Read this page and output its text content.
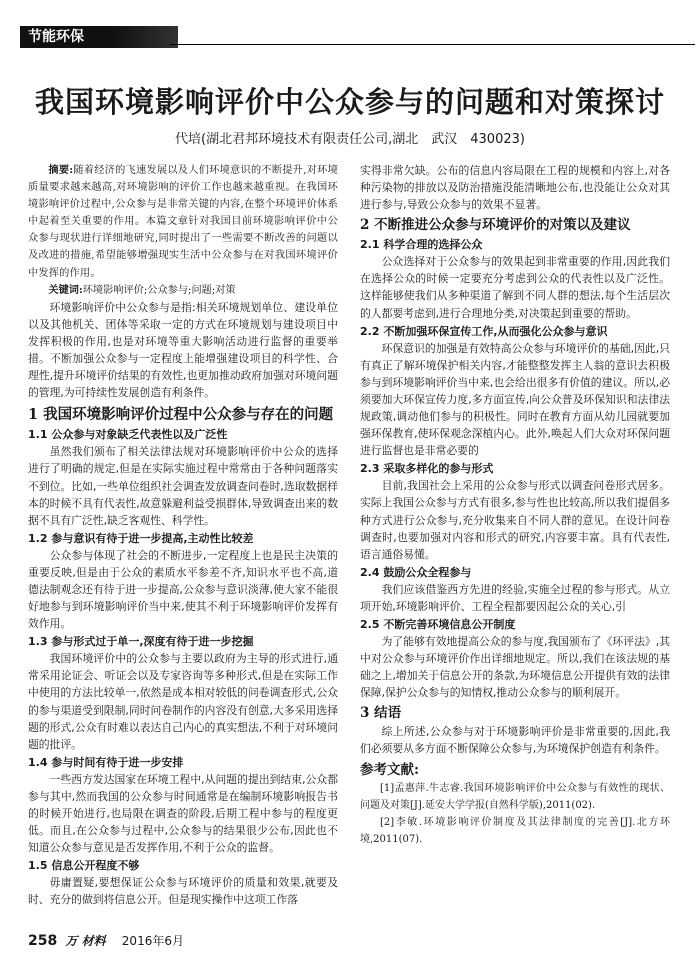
节能环保
我国环境影响评价中公众参与的问题和对策探讨
代培(湖北君邦环境技术有限责任公司,湖北　武汉　430023)

摘要:随着经济的飞速发展以及人们环境意识的不断提升,对环境质量要求越来越高,对环境影响的评价工作也越来越重视。在我国环境影响评价过程中,公众参与是非常关键的内容,在整个环境评价体系中起着至关重要的作用。本篇文章针对我国目前环境影响评价中公众参与现状进行详细地研究,同时提出了一些需要不断改善的问题以及改进的措施,希望能够增强现实生活中公众参与在对我国环境评价中发挥的作用。

关键词:环境影响评价;公众参与;问题;对策

环境影响评价中公众参与是指:相关环境规划单位、建设单位以及其他机关、团体等采取一定的方式在环境规划与建设项目中发挥积极的作用,也是对环境等重大影响活动进行监督的重要举措。不断加强公众参与一定程度上能增强建设项目的科学性、合理性,提升环境评价结果的有效性,也更加推动政府加强对环境问题的管理,为可持续性发展创造有利条件。

1 我国环境影响评价过程中公众参与存在的问题
1.1 公众参与对象缺乏代表性以及广泛性

虽然我们颁布了相关法律法规对环境影响评价中公众的选择进行了明确的规定,但是在实际实施过程中常常由于各种问题落实不到位。比如,一些单位组织社会调查发放调查问卷时,选取数据样本的时候不具有代表性,故意躲避利益受损群体,导致调查出来的数据不具有广泛性,缺乏客观性、科学性。

1.2 参与意识有待于进一步提高,主动性比较差

公众参与体现了社会的不断进步,一定程度上也是民主决策的重要反映,但是由于公众的素质水平参差不齐,知识水平也不高,道德法制观念还有待于进一步提高,公众参与意识淡薄,使大家不能很好地参与到环境影响评价当中来,使其不利于环境影响评价发挥有效作用。

1.3 参与形式过于单一,深度有待于进一步挖掘

我国环境评价中的公众参与主要以政府为主导的形式进行,通常采用论证会、听证会以及专家咨询等多种形式,但是在实际工作中使用的方法比较单一,依然是成本相对较低的问卷调查形式,公众的参与渠道受到限制,同时问卷制作的内容没有创意,大多采用选择题的形式,公众有时难以表达自己内心的真实想法,不利于对环境问题的批评。

1.4 参与时间有待于进一步安排

一些西方发达国家在环境工程中,从问题的提出到结束,公众都参与其中,然而我国的公众参与时间通常是在编制环境影响报告书的时候开始进行,也局限在调查的阶段,后期工程中参与的程度更低。而且,在公众参与过程中,公众参与的结果很少公布,因此也不知道公众参与意见是否发挥作用,不利于公众的监督。

1.5 信息公开程度不够

毋庸置疑,要想保证公众参与环境评价的质量和效果,就要及时、充分的做到将信息公开。但是现实操作中这项工作落

实得非常欠缺。公布的信息内容局限在工程的规模和内容上,对各种污染物的排放以及防治措施没能清晰地公布,也没能让公众对其进行参与,导致公众参与的效果不显著。

2 不断推进公众参与环境评价的对策以及建议
2.1 科学合理的选择公众

公众选择对于公众参与的效果起到非常重要的作用,因此我们在选择公众的时候一定要充分考虑到公众的代表性以及广泛性。这样能够使我们从多种渠道了解到不同人群的想法,每个生活层次的人都要考虑到,进行合理地分类,对决策起到重要的帮助。

2.2 不断加强环保宣传工作,从而强化公众参与意识

环保意识的加强是有效特高公众参与环境评价的基础,因此,只有真正了解环境保护相关内容,才能整整发挥主人翁的意识去积极参与到环境影响评价当中来,也会给出很多有价值的建议。所以,必须要加大环保宣传力度,多方面宣传,向公众普及环保知识和法律法规政策,调动他们参与的积极性。同时在教育方面从幼儿园就要加强环保教育,使环保观念深植内心。此外,唤起人们大众对环保问题进行监督也是非常必要的

2.3 采取多样化的参与形式

目前,我国社会上采用的公众参与形式以调查问卷形式居多。实际上我国公众参与方式有很多,参与性也比较高,所以我们提倡多种方式进行公众参与,充分收集来自不同人群的意见。在设计问卷调查时,也要加强对内容和形式的研究,内容要丰富。具有代表性,语言通俗易懂。

2.4 鼓励公众全程参与

我们应该借鉴西方先进的经验,实施全过程的参与形式。从立项开始,环境影响评价、工程全程都要因起公众的关心,引

2.5 不断完善环境信息公开制度

为了能够有效地提高公众的参与度,我国颁布了《环评法》,其中对公众参与环境评价作出详细地规定。所以,我们在该法规的基础之上,增加关于信息公开的条款,为环境信息公开提供有效的法律保障,保护公众参与的知情权,推动公众参与的顺利展开。

3 结语

综上所述,公众参与对于环境影响评价是非常重要的,因此,我们必须要从多方面不断保障公众参与,为环境保护创造有利条件。

参考文献:

[1]孟惠萍.牛志睿.我国环境影响评价中公众参与有效性的现状、问题及对策[J].延安大学学报(自然科学版),2011(02).

[2]李敏.环境影响评价制度及其法律制度的完善[J].北方环境,2011(07).

258 万 材料 2016年6月
